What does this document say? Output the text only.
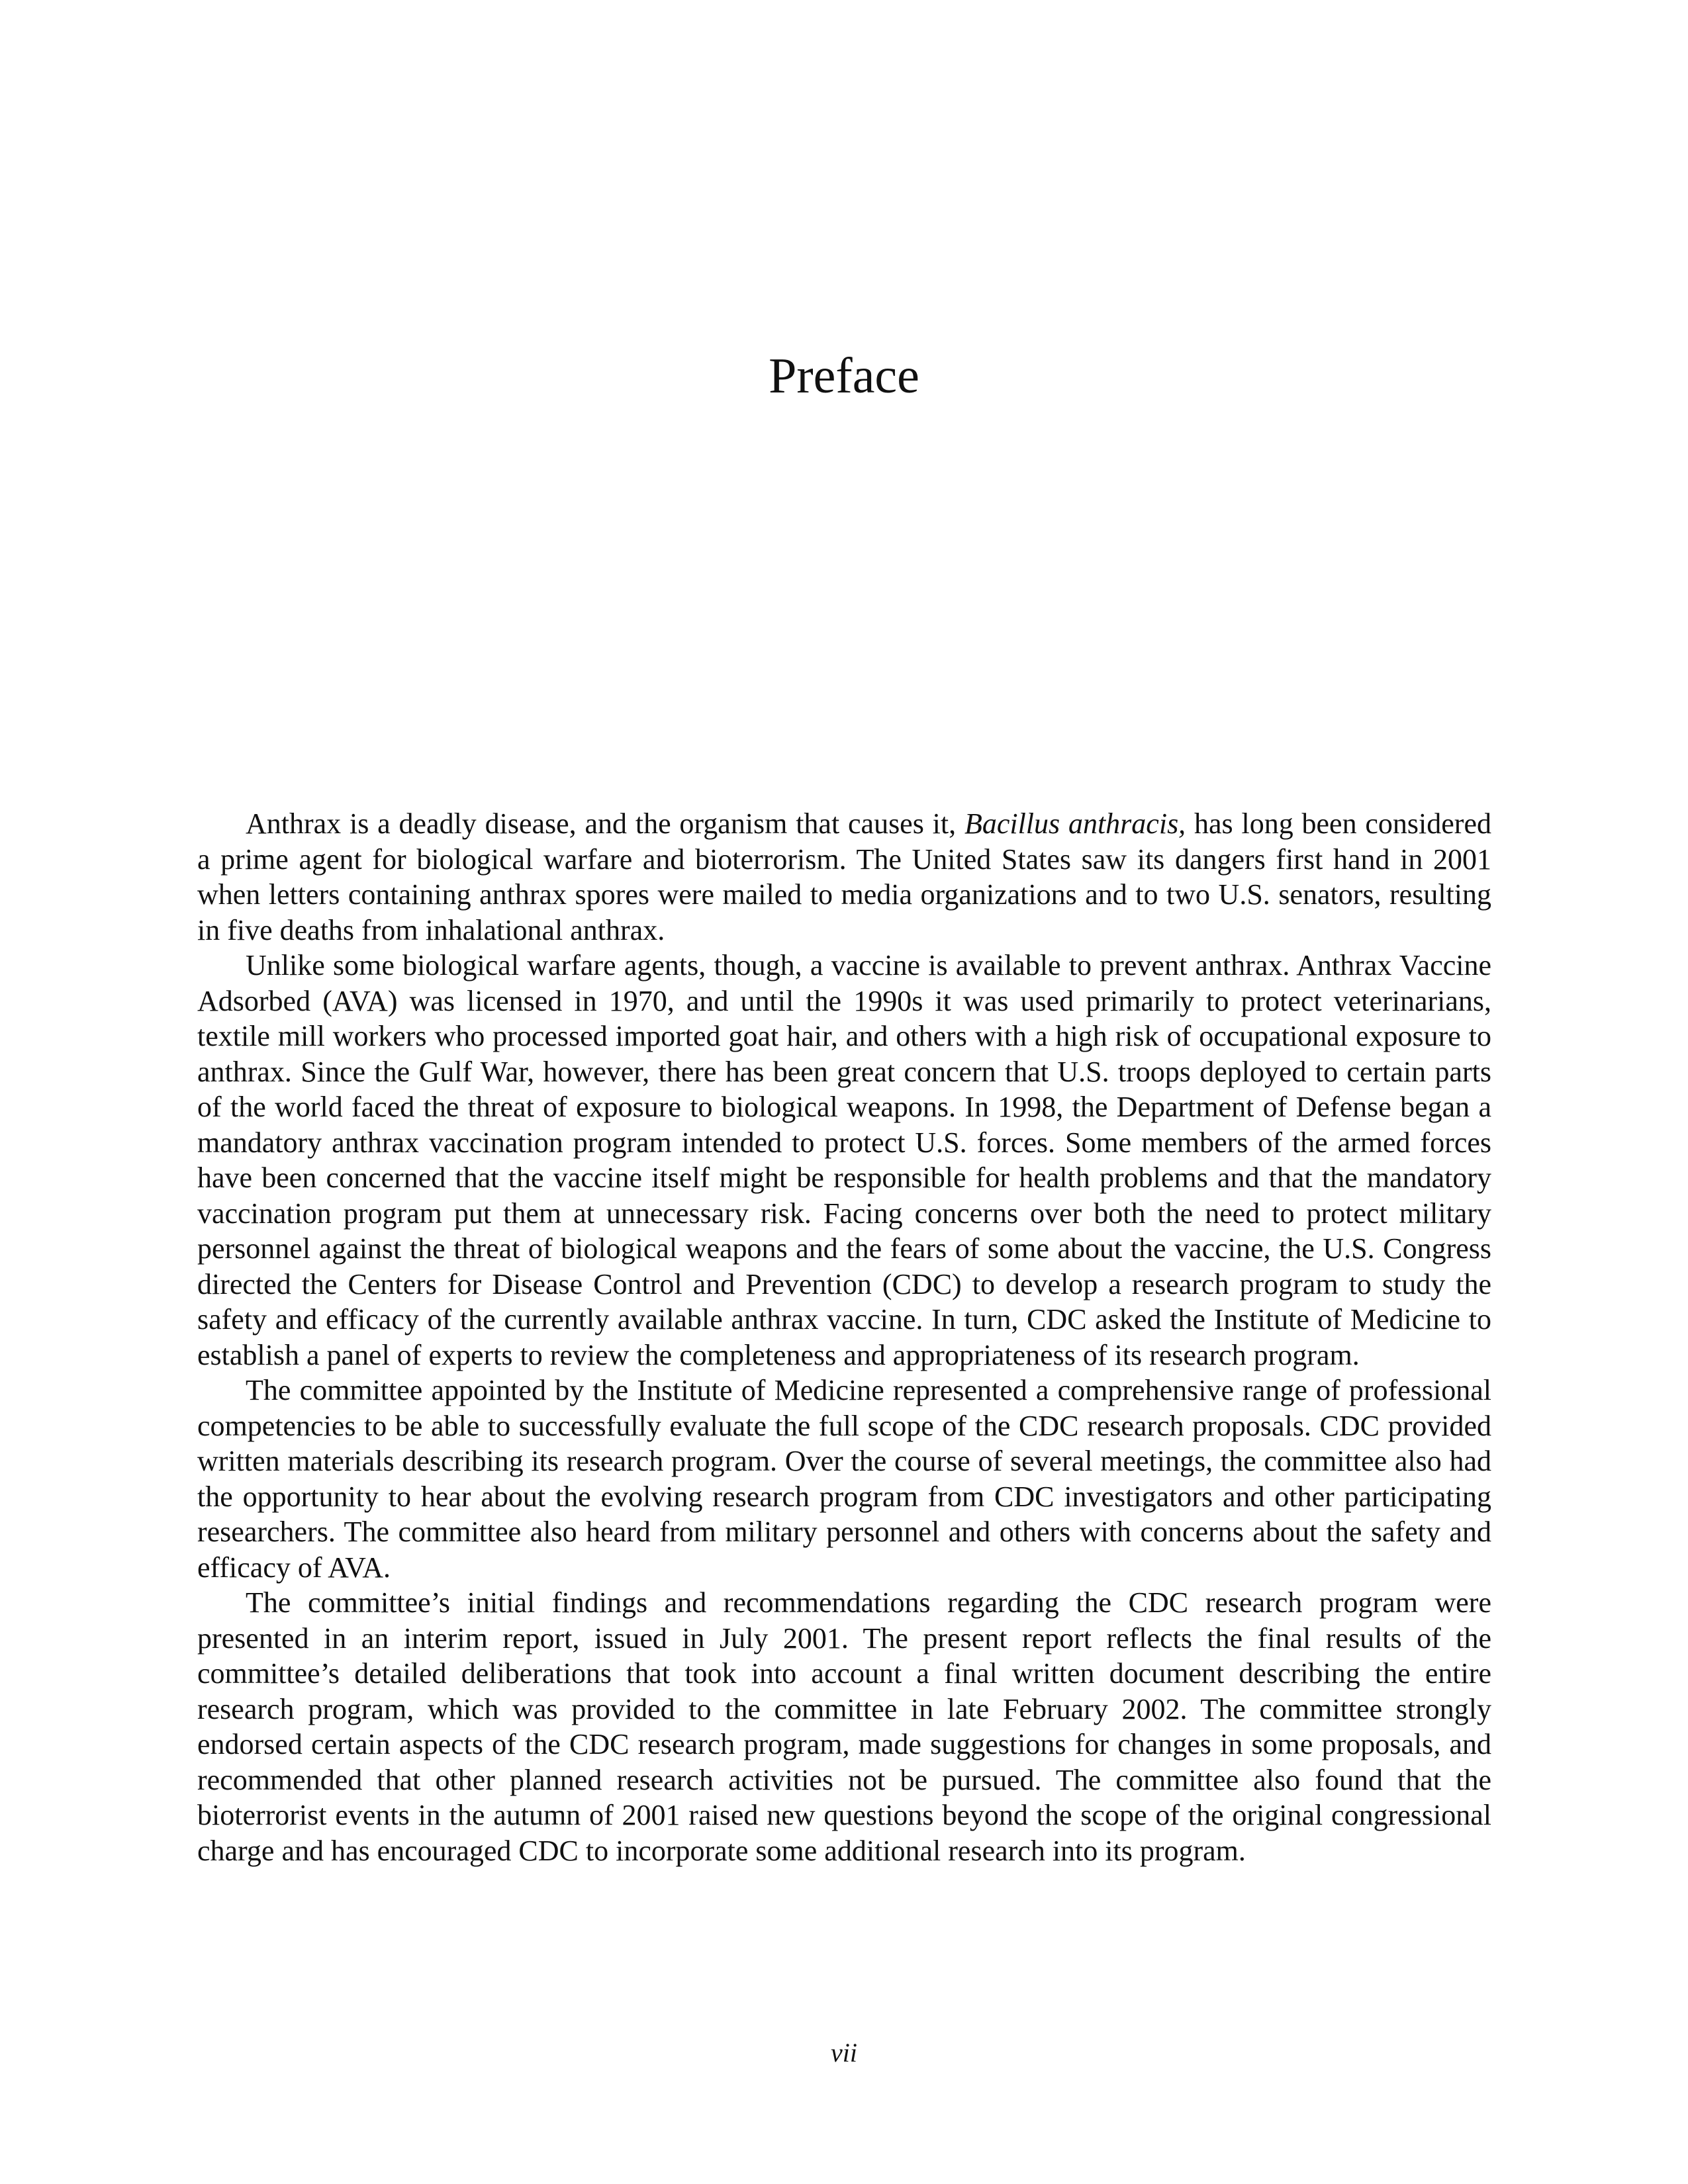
Preface

Anthrax is a deadly disease, and the organism that causes it, Bacillus anthracis, has long been considered a prime agent for biological warfare and bioterrorism. The United States saw its dangers first hand in 2001 when letters containing anthrax spores were mailed to media organizations and to two U.S. senators, resulting in five deaths from inhalational anthrax.

Unlike some biological warfare agents, though, a vaccine is available to prevent anthrax. Anthrax Vaccine Adsorbed (AVA) was licensed in 1970, and until the 1990s it was used primarily to protect veterinarians, textile mill workers who processed imported goat hair, and others with a high risk of occupational exposure to anthrax. Since the Gulf War, however, there has been great concern that U.S. troops deployed to certain parts of the world faced the threat of exposure to biological weapons. In 1998, the Department of Defense began a mandatory anthrax vaccination program intended to protect U.S. forces. Some members of the armed forces have been concerned that the vaccine itself might be responsible for health problems and that the mandatory vaccination program put them at unnecessary risk. Facing concerns over both the need to protect military personnel against the threat of biological weapons and the fears of some about the vaccine, the U.S. Congress directed the Centers for Disease Control and Prevention (CDC) to develop a research program to study the safety and efficacy of the currently available anthrax vaccine. In turn, CDC asked the Institute of Medicine to establish a panel of experts to review the completeness and appropriateness of its research program.

The committee appointed by the Institute of Medicine represented a comprehensive range of professional competencies to be able to successfully evaluate the full scope of the CDC research proposals. CDC provided written materials describing its research program. Over the course of several meetings, the committee also had the opportunity to hear about the evolving research program from CDC investigators and other participating researchers. The committee also heard from military personnel and others with concerns about the safety and efficacy of AVA.

The committee’s initial findings and recommendations regarding the CDC research program were presented in an interim report, issued in July 2001. The present report reflects the final results of the committee’s detailed deliberations that took into account a final written document describing the entire research program, which was provided to the committee in late February 2002. The committee strongly endorsed certain aspects of the CDC research program, made suggestions for changes in some proposals, and recommended that other planned research activities not be pursued. The committee also found that the bioterrorist events in the autumn of 2001 raised new questions beyond the scope of the original congressional charge and has encouraged CDC to incorporate some additional research into its program.

vii
